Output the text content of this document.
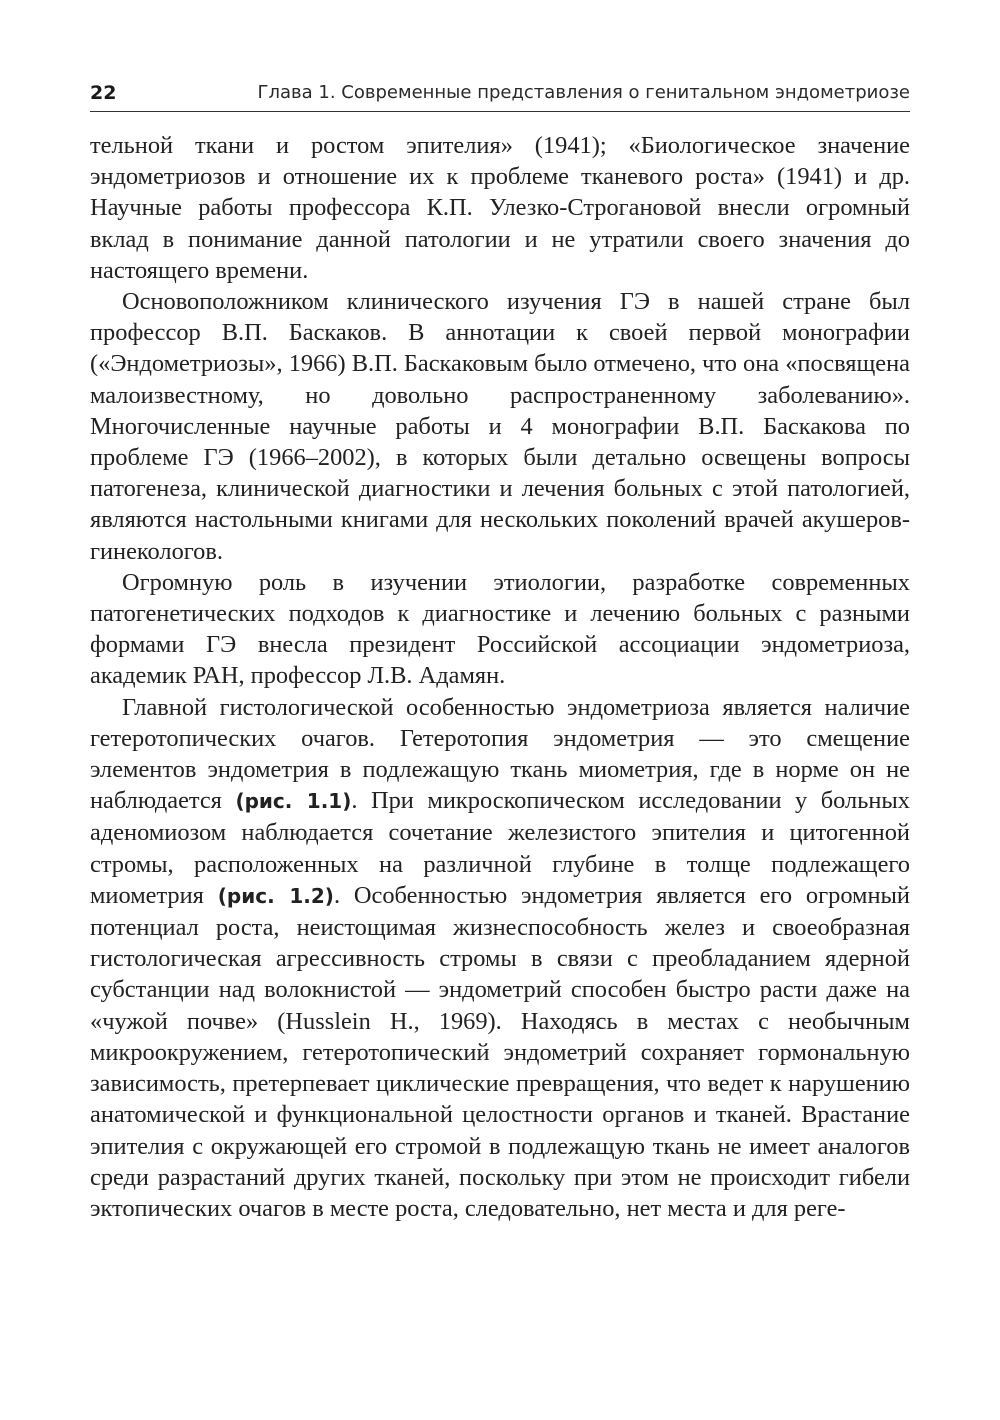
22	Глава 1. Современные представления о генитальном эндометриозе

тельной ткани и ростом эпителия» (1941); «Биологическое значение эндометриозов и отношение их к проблеме тканевого роста» (1941) и др. Научные работы профессора К.П. Улезко-Строгановой внесли огромный вклад в понимание данной патологии и не утратили своего значения до настоящего времени.

Основоположником клинического изучения ГЭ в нашей стране был профессор В.П. Баскаков. В аннотации к своей первой монографии («Эндометриозы», 1966) В.П. Баскаковым было отмечено, что она «посвящена малоизвестному, но довольно распространенному заболеванию». Многочисленные научные работы и 4 монографии В.П. Баскакова по проблеме ГЭ (1966–2002), в которых были детально освещены вопросы патогенеза, клинической диагностики и лечения больных с этой патологией, являются настольными книгами для нескольких поколений врачей акушеров-гинекологов.

Огромную роль в изучении этиологии, разработке современных патогенетических подходов к диагностике и лечению больных с разными формами ГЭ внесла президент Российской ассоциации эндометриоза, академик РАН, профессор Л.В. Адамян.

Главной гистологической особенностью эндометриоза является наличие гетеротопических очагов. Гетеротопия эндометрия — это смещение элементов эндометрия в подлежащую ткань миометрия, где в норме он не наблюдается (рис. 1.1). При микроскопическом исследовании у больных аденомиозом наблюдается сочетание железистого эпителия и цитогенной стромы, расположенных на различной глубине в толще подлежащего миометрия (рис. 1.2). Особенностью эндометрия является его огромный потенциал роста, неистощимая жизнеспособность желез и своеобразная гистологическая агрессивность стромы в связи с преобладанием ядерной субстанции над волокнистой — эндометрий способен быстро расти даже на «чужой почве» (Husslein H., 1969). Находясь в местах с необычным микроокружением, гетеротопический эндометрий сохраняет гормональную зависимость, претерпевает циклические превращения, что ведет к нарушению анатомической и функциональной целостности органов и тканей. Врастание эпителия с окружающей его стромой в подлежащую ткань не имеет аналогов среди разрастаний других тканей, поскольку при этом не происходит гибели эктопических очагов в месте роста, следовательно, нет места и для реге-
